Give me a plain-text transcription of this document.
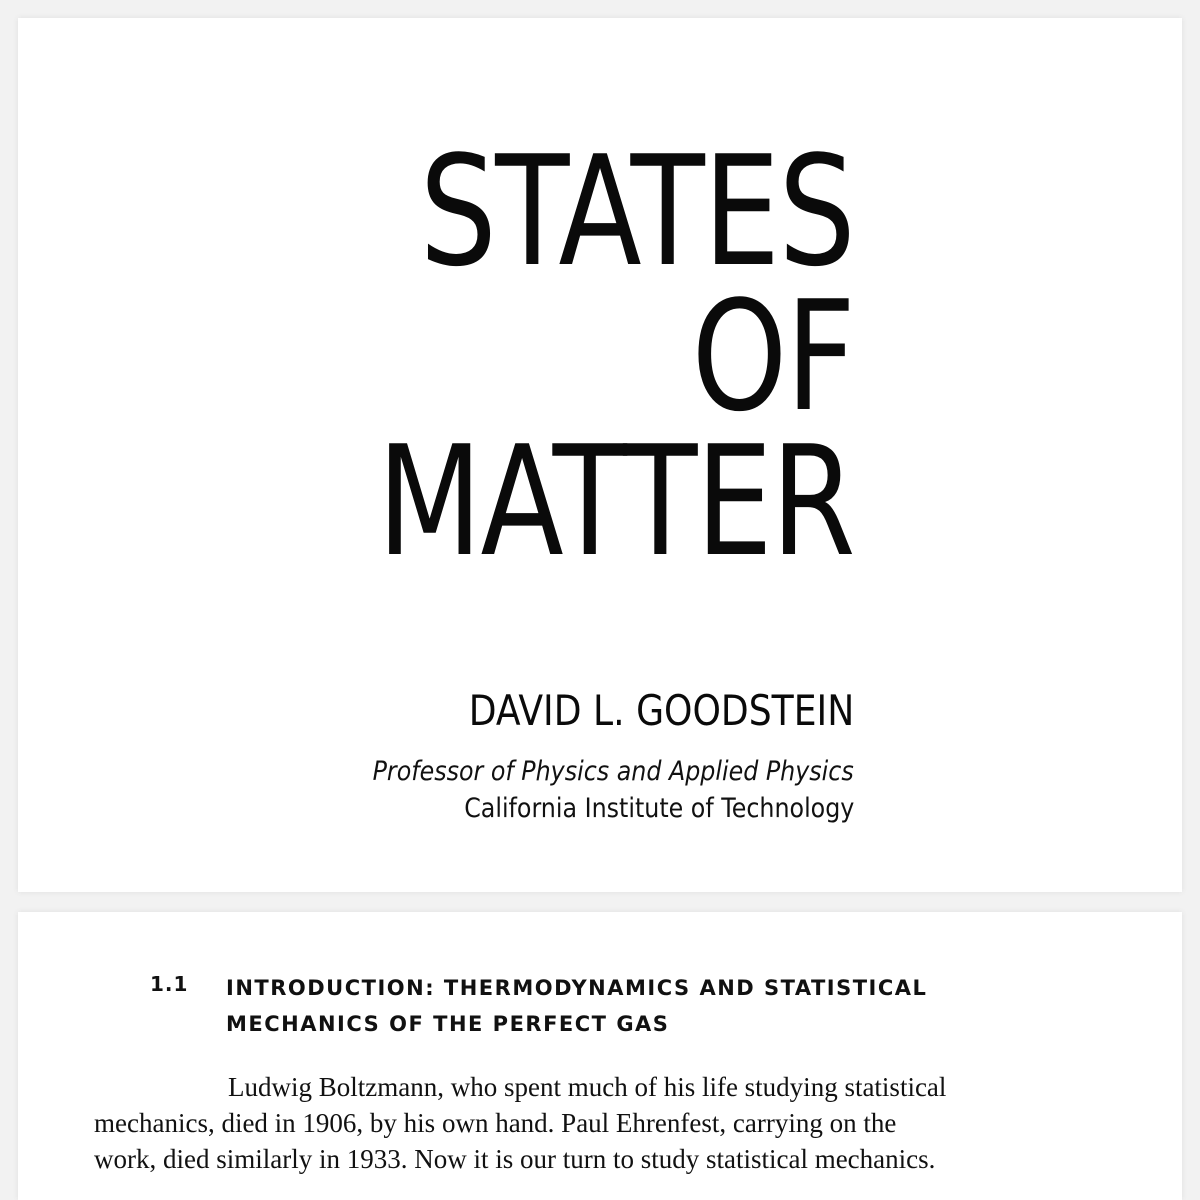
STATES
OF
MATTER
DAVID L. GOODSTEIN
Professor of Physics and Applied Physics
California Institute of Technology
1.1 INTRODUCTION: THERMODYNAMICS AND STATISTICAL MECHANICS OF THE PERFECT GAS
Ludwig Boltzmann, who spent much of his life studying statistical
mechanics, died in 1906, by his own hand. Paul Ehrenfest, carrying on the
work, died similarly in 1933. Now it is our turn to study statistical mechanics.
